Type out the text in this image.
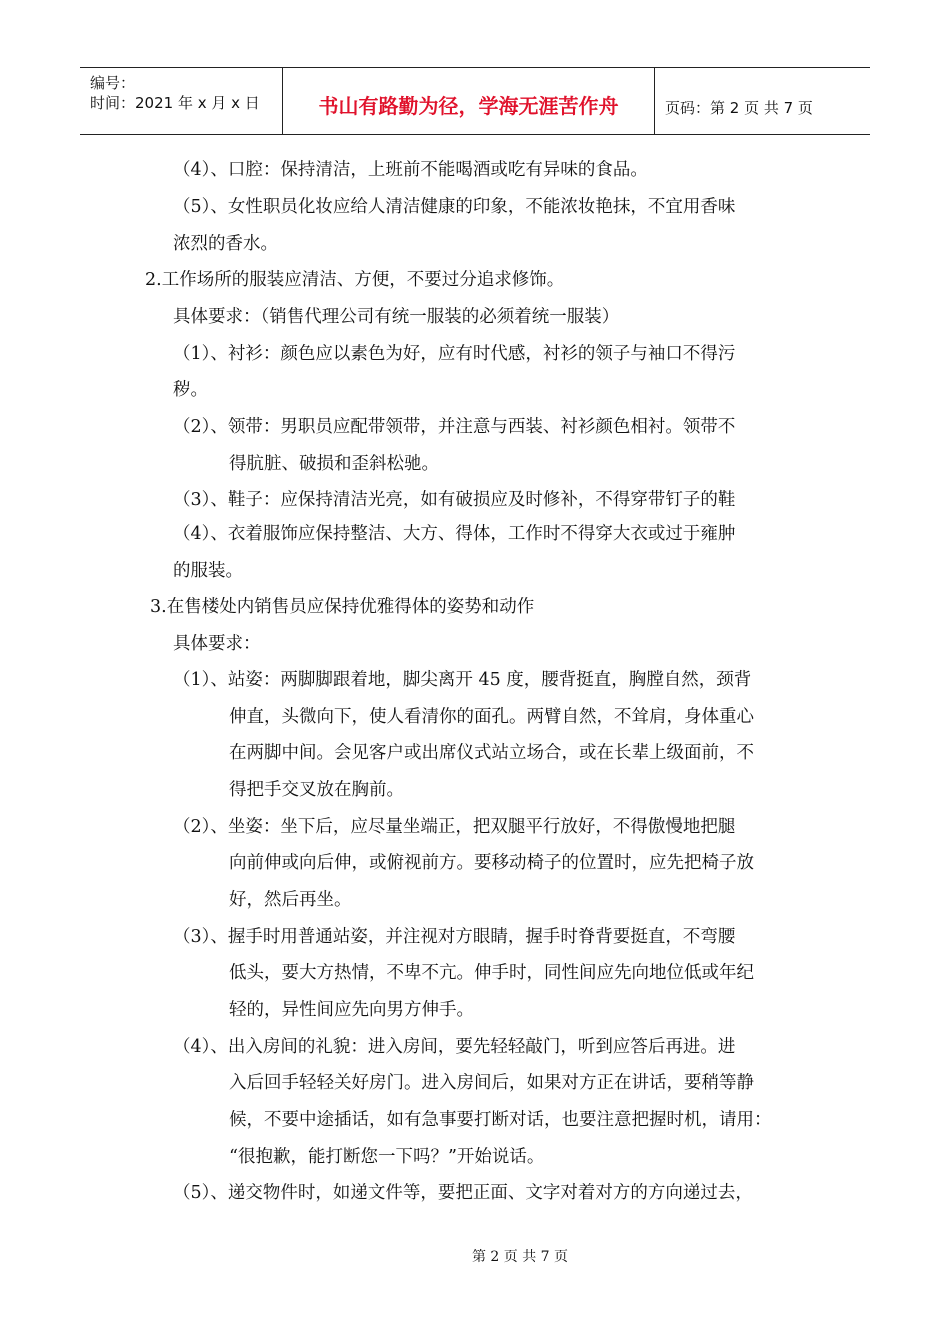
编号：
时间：2021 年 x 月 x 日	书山有路勤为径，学海无涯苦作舟	页码：第 2 页 共 7 页
（4）、口腔：保持清洁，上班前不能喝酒或吃有异味的食品。
（5）、女性职员化妆应给人清洁健康的印象，不能浓妆艳抹，不宜用香味
浓烈的香水。
2.工作场所的服装应清洁、方便，不要过分追求修饰。
具体要求：（销售代理公司有统一服装的必须着统一服装）
（1）、衬衫：颜色应以素色为好，应有时代感，衬衫的领子与袖口不得污
秽。
（2）、领带：男职员应配带领带，并注意与西装、衬衫颜色相衬。领带不
得肮脏、破损和歪斜松驰。
（3）、鞋子：应保持清洁光亮，如有破损应及时修补，不得穿带钉子的鞋
（4）、衣着服饰应保持整洁、大方、得体，工作时不得穿大衣或过于雍肿
的服装。
3.在售楼处内销售员应保持优雅得体的姿势和动作
具体要求：
（1）、站姿：两脚脚跟着地，脚尖离开 45 度，腰背挺直，胸膛自然，颈背
伸直，头微向下，使人看清你的面孔。两臂自然，不耸肩，身体重心
在两脚中间。会见客户或出席仪式站立场合，或在长辈上级面前，不
得把手交叉放在胸前。
（2）、坐姿：坐下后，应尽量坐端正，把双腿平行放好，不得傲慢地把腿
向前伸或向后伸，或俯视前方。要移动椅子的位置时，应先把椅子放
好，然后再坐。
（3）、握手时用普通站姿，并注视对方眼睛，握手时脊背要挺直，不弯腰
低头，要大方热情，不卑不亢。伸手时，同性间应先向地位低或年纪
轻的，异性间应先向男方伸手。
（4）、出入房间的礼貌：进入房间，要先轻轻敲门，听到应答后再进。进
入后回手轻轻关好房门。进入房间后，如果对方正在讲话，要稍等静
候，不要中途插话，如有急事要打断对话，也要注意把握时机，请用：
“很抱歉，能打断您一下吗？”开始说话。
（5）、递交物件时，如递文件等，要把正面、文字对着对方的方向递过去，
第 2 页 共 7 页
